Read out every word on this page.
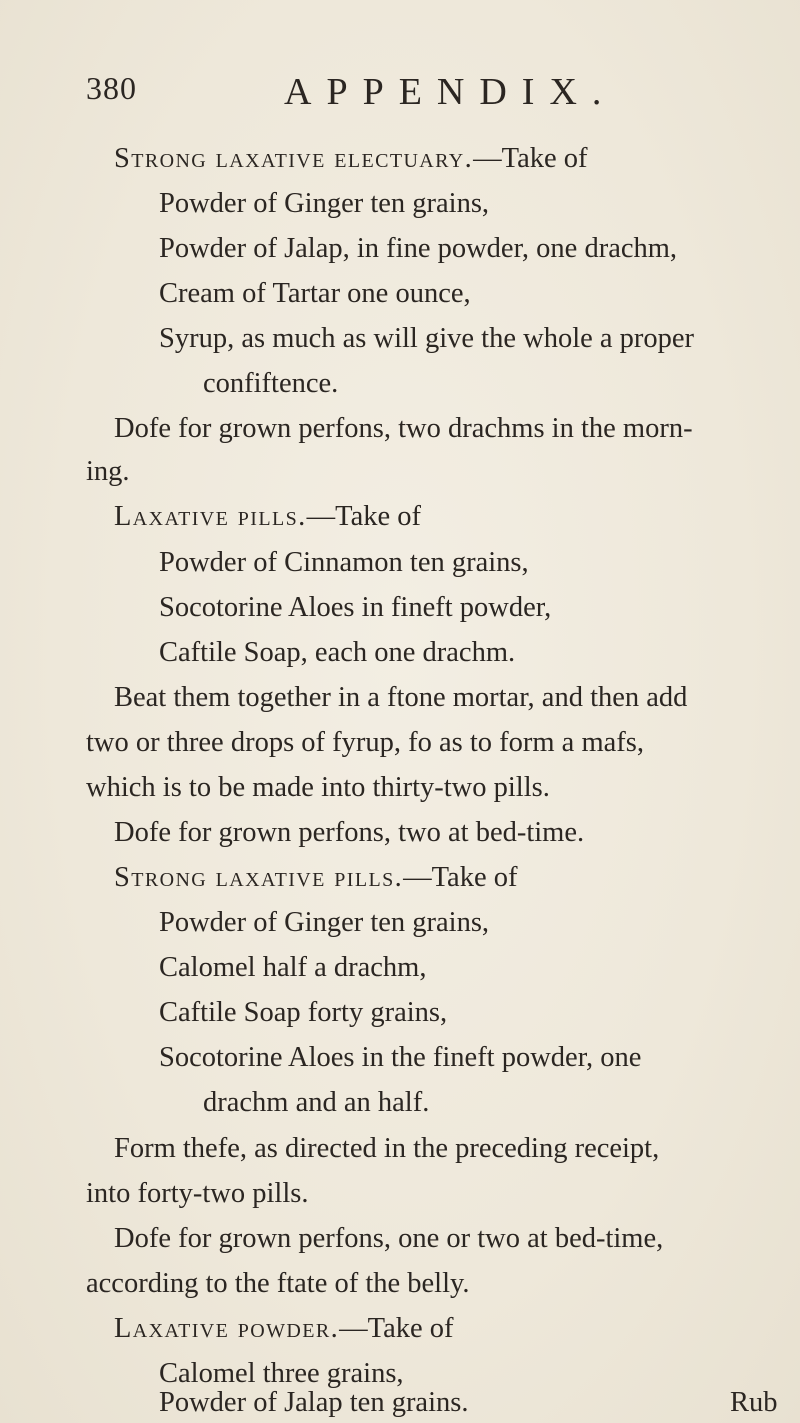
380	APPENDIX.
Strong laxative electuary.—Take of
Powder of Ginger ten grains,
Powder of Jalap, in fine powder, one drachm,
Cream of Tartar one ounce,
Syrup, as much as will give the whole a proper
confiftence.
Dofe for grown perfons, two drachms in the morn-
ing.
Laxative pills.—Take of
Powder of Cinnamon ten grains,
Socotorine Aloes in fineft powder,
Caftile Soap, each one drachm.
Beat them together in a ftone mortar, and then add
two or three drops of fyrup, fo as to form a mafs,
which is to be made into thirty-two pills.
Dofe for grown perfons, two at bed-time.
Strong laxative pills.—Take of
Powder of Ginger ten grains,
Calomel half a drachm,
Caftile Soap forty grains,
Socotorine Aloes in the fineft powder, one
drachm and an half.
Form thefe, as directed in the preceding receipt,
into forty-two pills.
Dofe for grown perfons, one or two at bed-time,
according to the ftate of the belly.
Laxative powder.—Take of
Calomel three grains,
Powder of Jalap ten grains.	Rub
